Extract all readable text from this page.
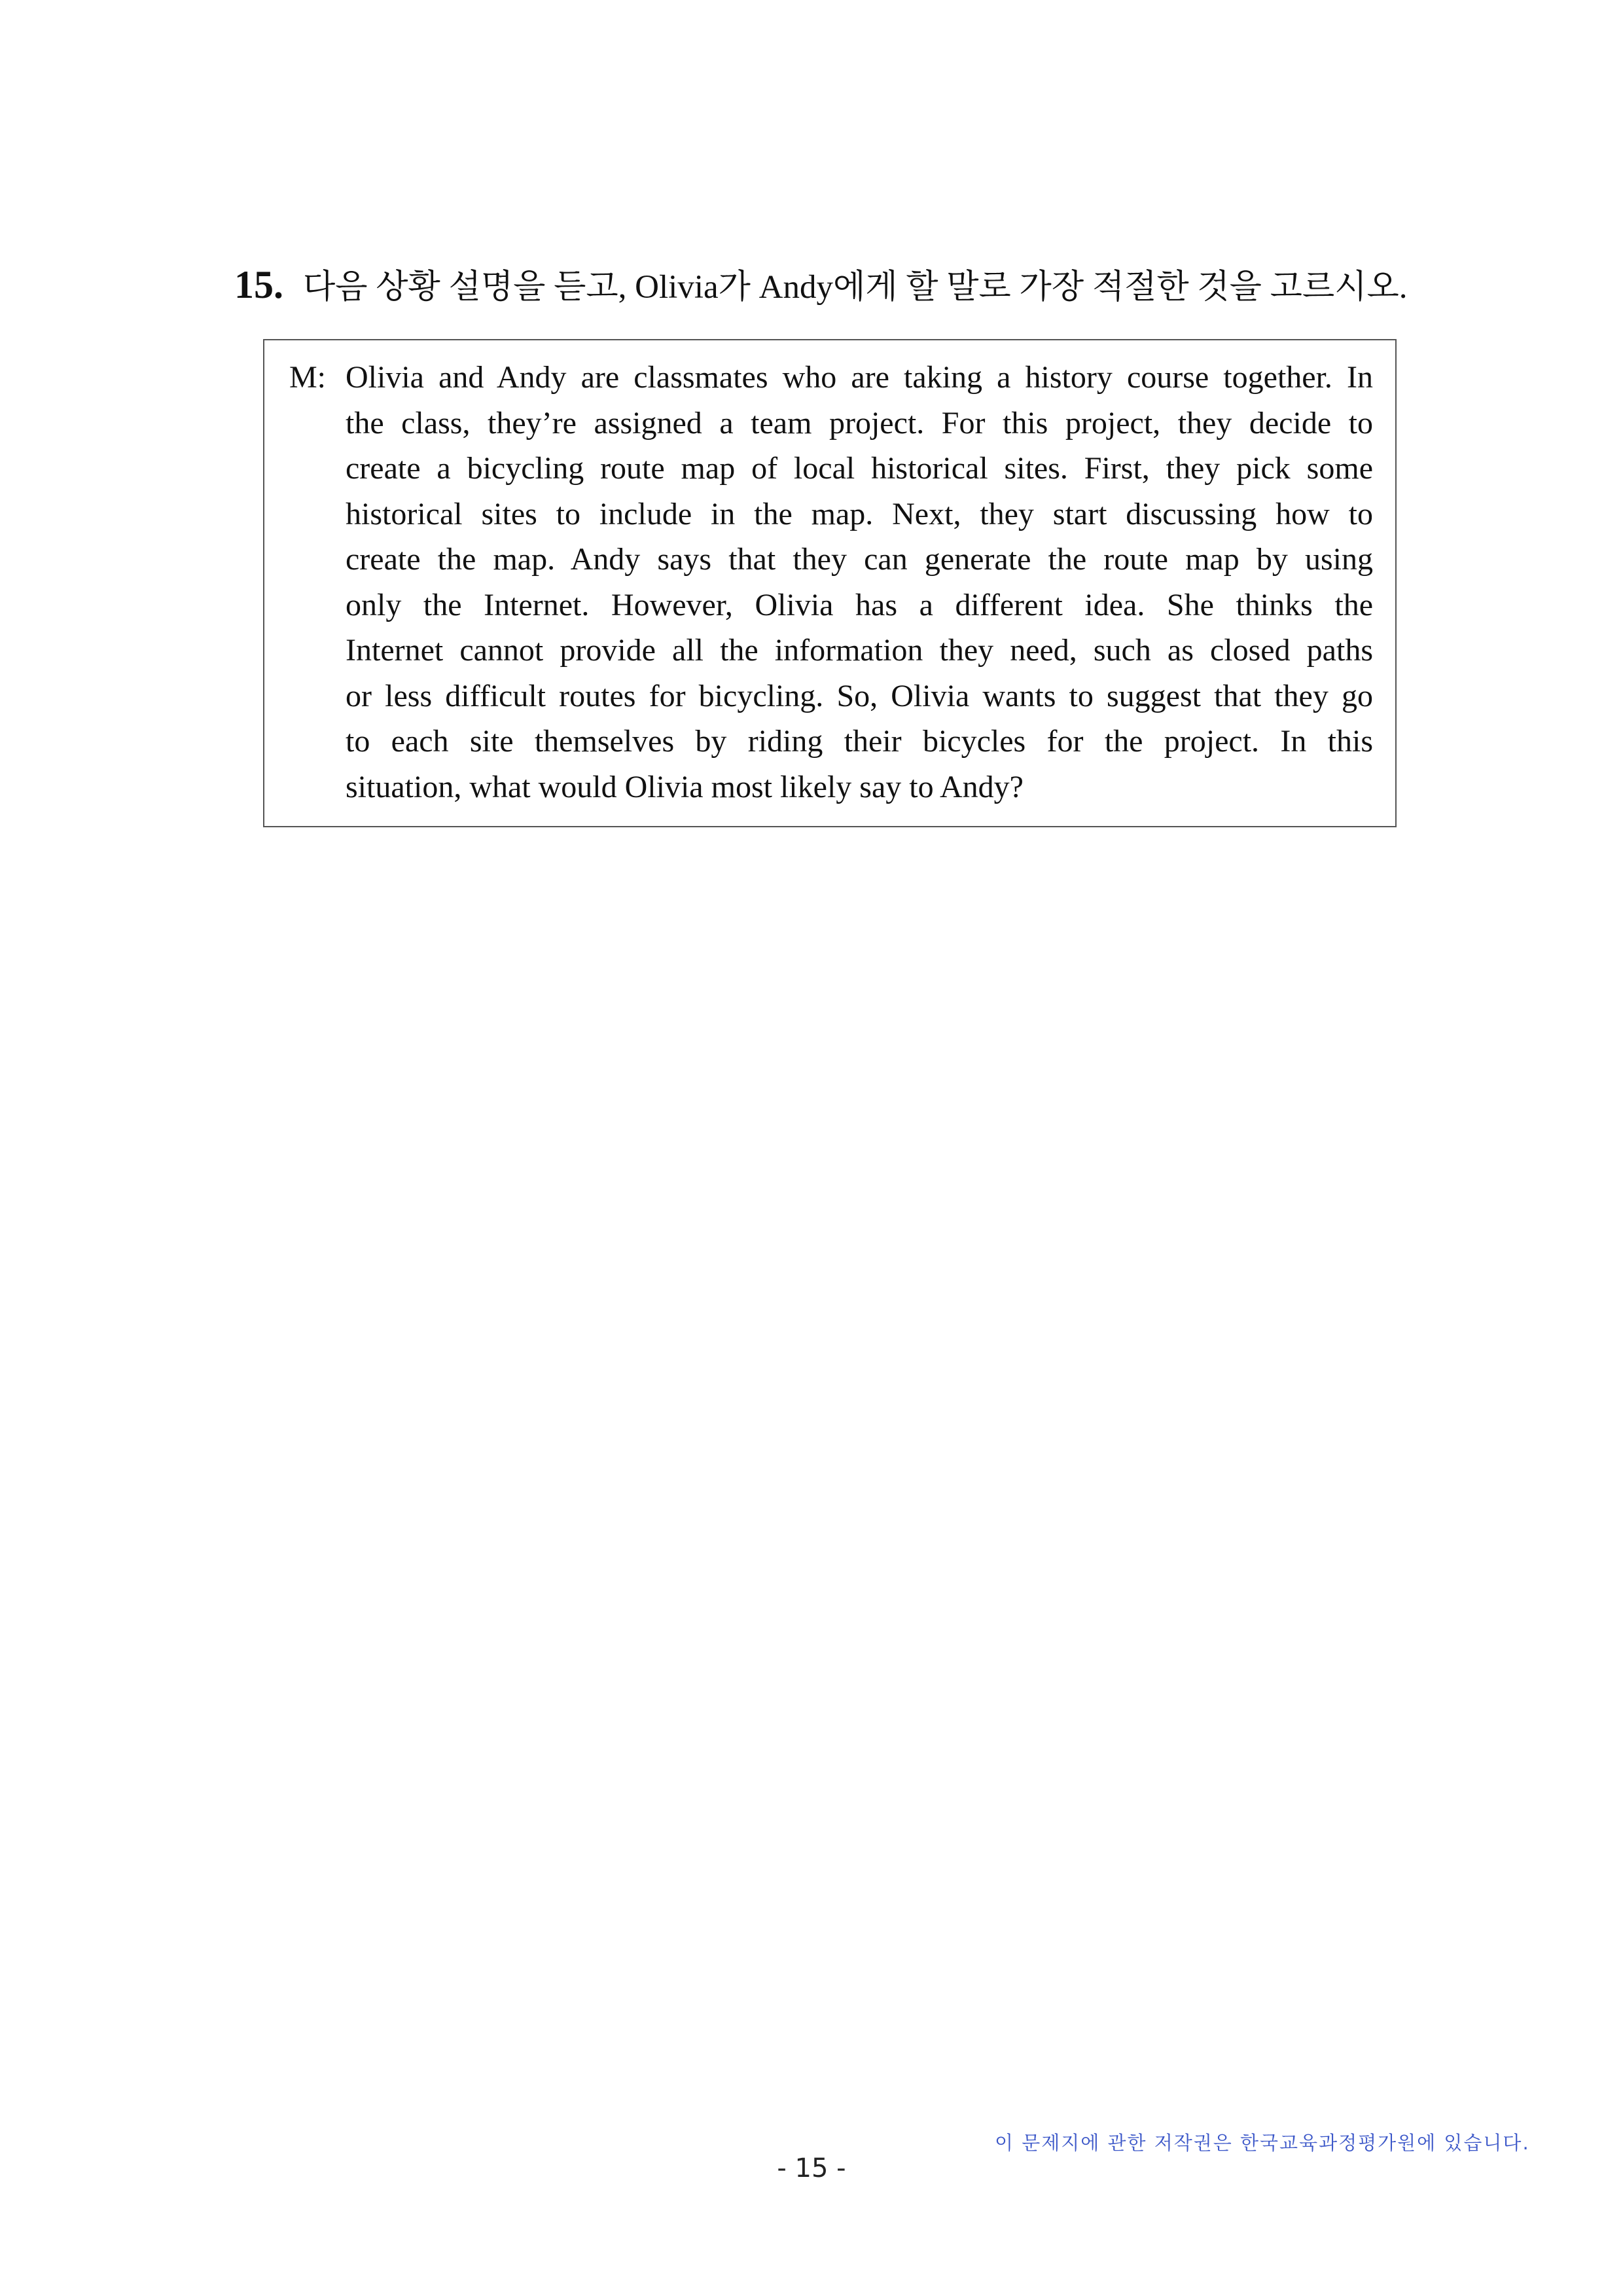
15. 다음 상황 설명을 듣고, Olivia가 Andy에게 할 말로 가장 적절한 것을 고르시오.
M: Olivia and Andy are classmates who are taking a history course together. In
the class, they’re assigned a team project. For this project, they decide to
create a bicycling route map of local historical sites. First, they pick some
historical sites to include in the map. Next, they start discussing how to
create the map. Andy says that they can generate the route map by using
only the Internet. However, Olivia has a different idea. She thinks the
Internet cannot provide all the information they need, such as closed paths
or less difficult routes for bicycling. So, Olivia wants to suggest that they go
to each site themselves by riding their bicycles for the project. In this
situation, what would Olivia most likely say to Andy?
이 문제지에 관한 저작권은 한국교육과정평가원에 있습니다.
- 15 -
